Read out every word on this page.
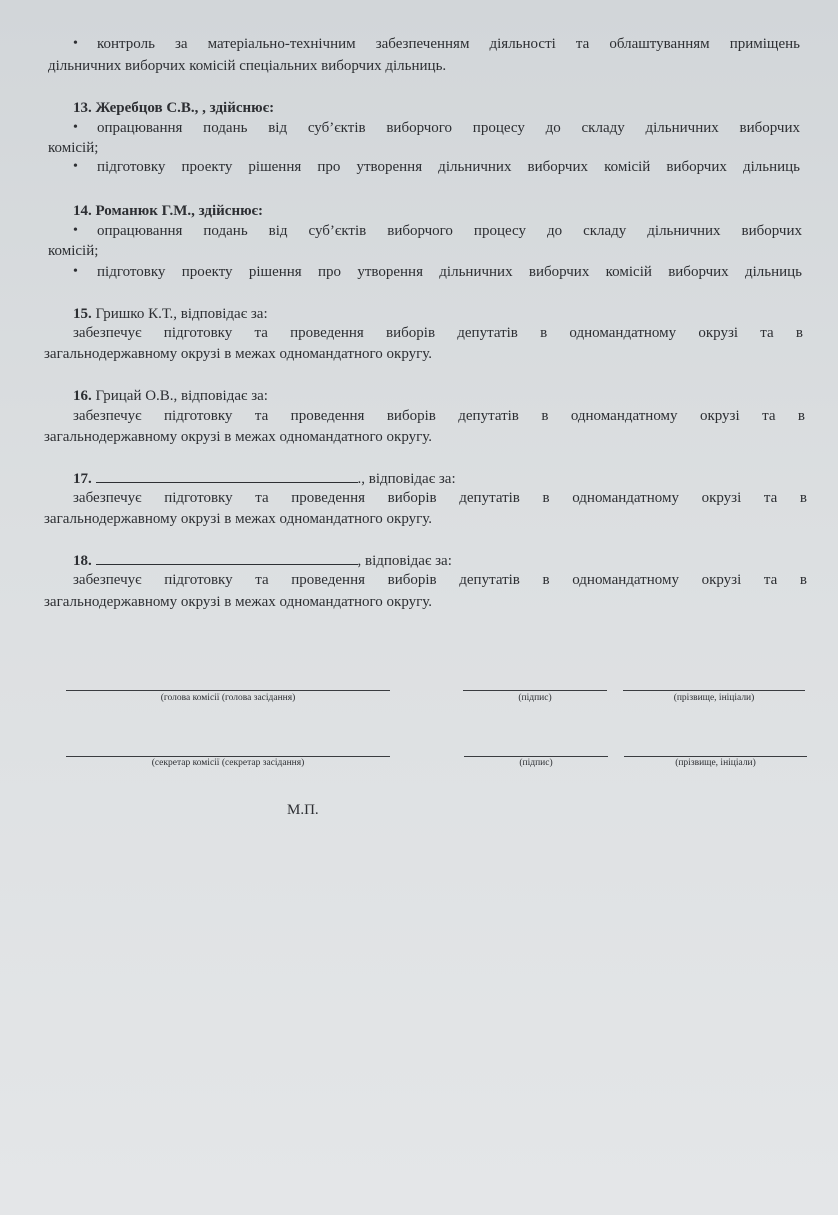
• контроль за матеріально-технічним забезпеченням діяльності та облаштуванням приміщень
дільничних виборчих комісій спеціальних виборчих дільниць.
13. Жеребцов С.В., , здійснює:
• опрацювання подань від суб’єктів виборчого процесу до складу дільничних виборчих
комісій;
• підготовку проекту рішення про утворення дільничних виборчих комісій виборчих дільниць
14. Романюк Г.М., здійснює:
• опрацювання подань від суб’єктів виборчого процесу до складу дільничних виборчих
комісій;
• підготовку проекту рішення про утворення дільничних виборчих комісій виборчих дільниць
15. Гришко К.Т., відповідає за:
забезпечує підготовку та проведення виборів депутатів в одномандатному окрузі та в
загальнодержавному окрузі в межах одномандатного округу.
16. Грицай О.В., відповідає за:
забезпечує підготовку та проведення виборів депутатів в одномандатному окрузі та в
загальнодержавному окрузі в межах одномандатного округу.
17.	., відповідає за:
забезпечує підготовку та проведення виборів депутатів в одномандатному окрузі та в
загальнодержавному окрузі в межах одномандатного округу.
18.	, відповідає за:
забезпечує підготовку та проведення виборів депутатів в одномандатному окрузі та в
загальнодержавному окрузі в межах одномандатного округу.
(голова комісії (голова засідання)	(підпис)	(прізвище, ініціали)
(секретар комісії (секретар засідання)	(підпис)	(прізвище, ініціали)
М.П.
